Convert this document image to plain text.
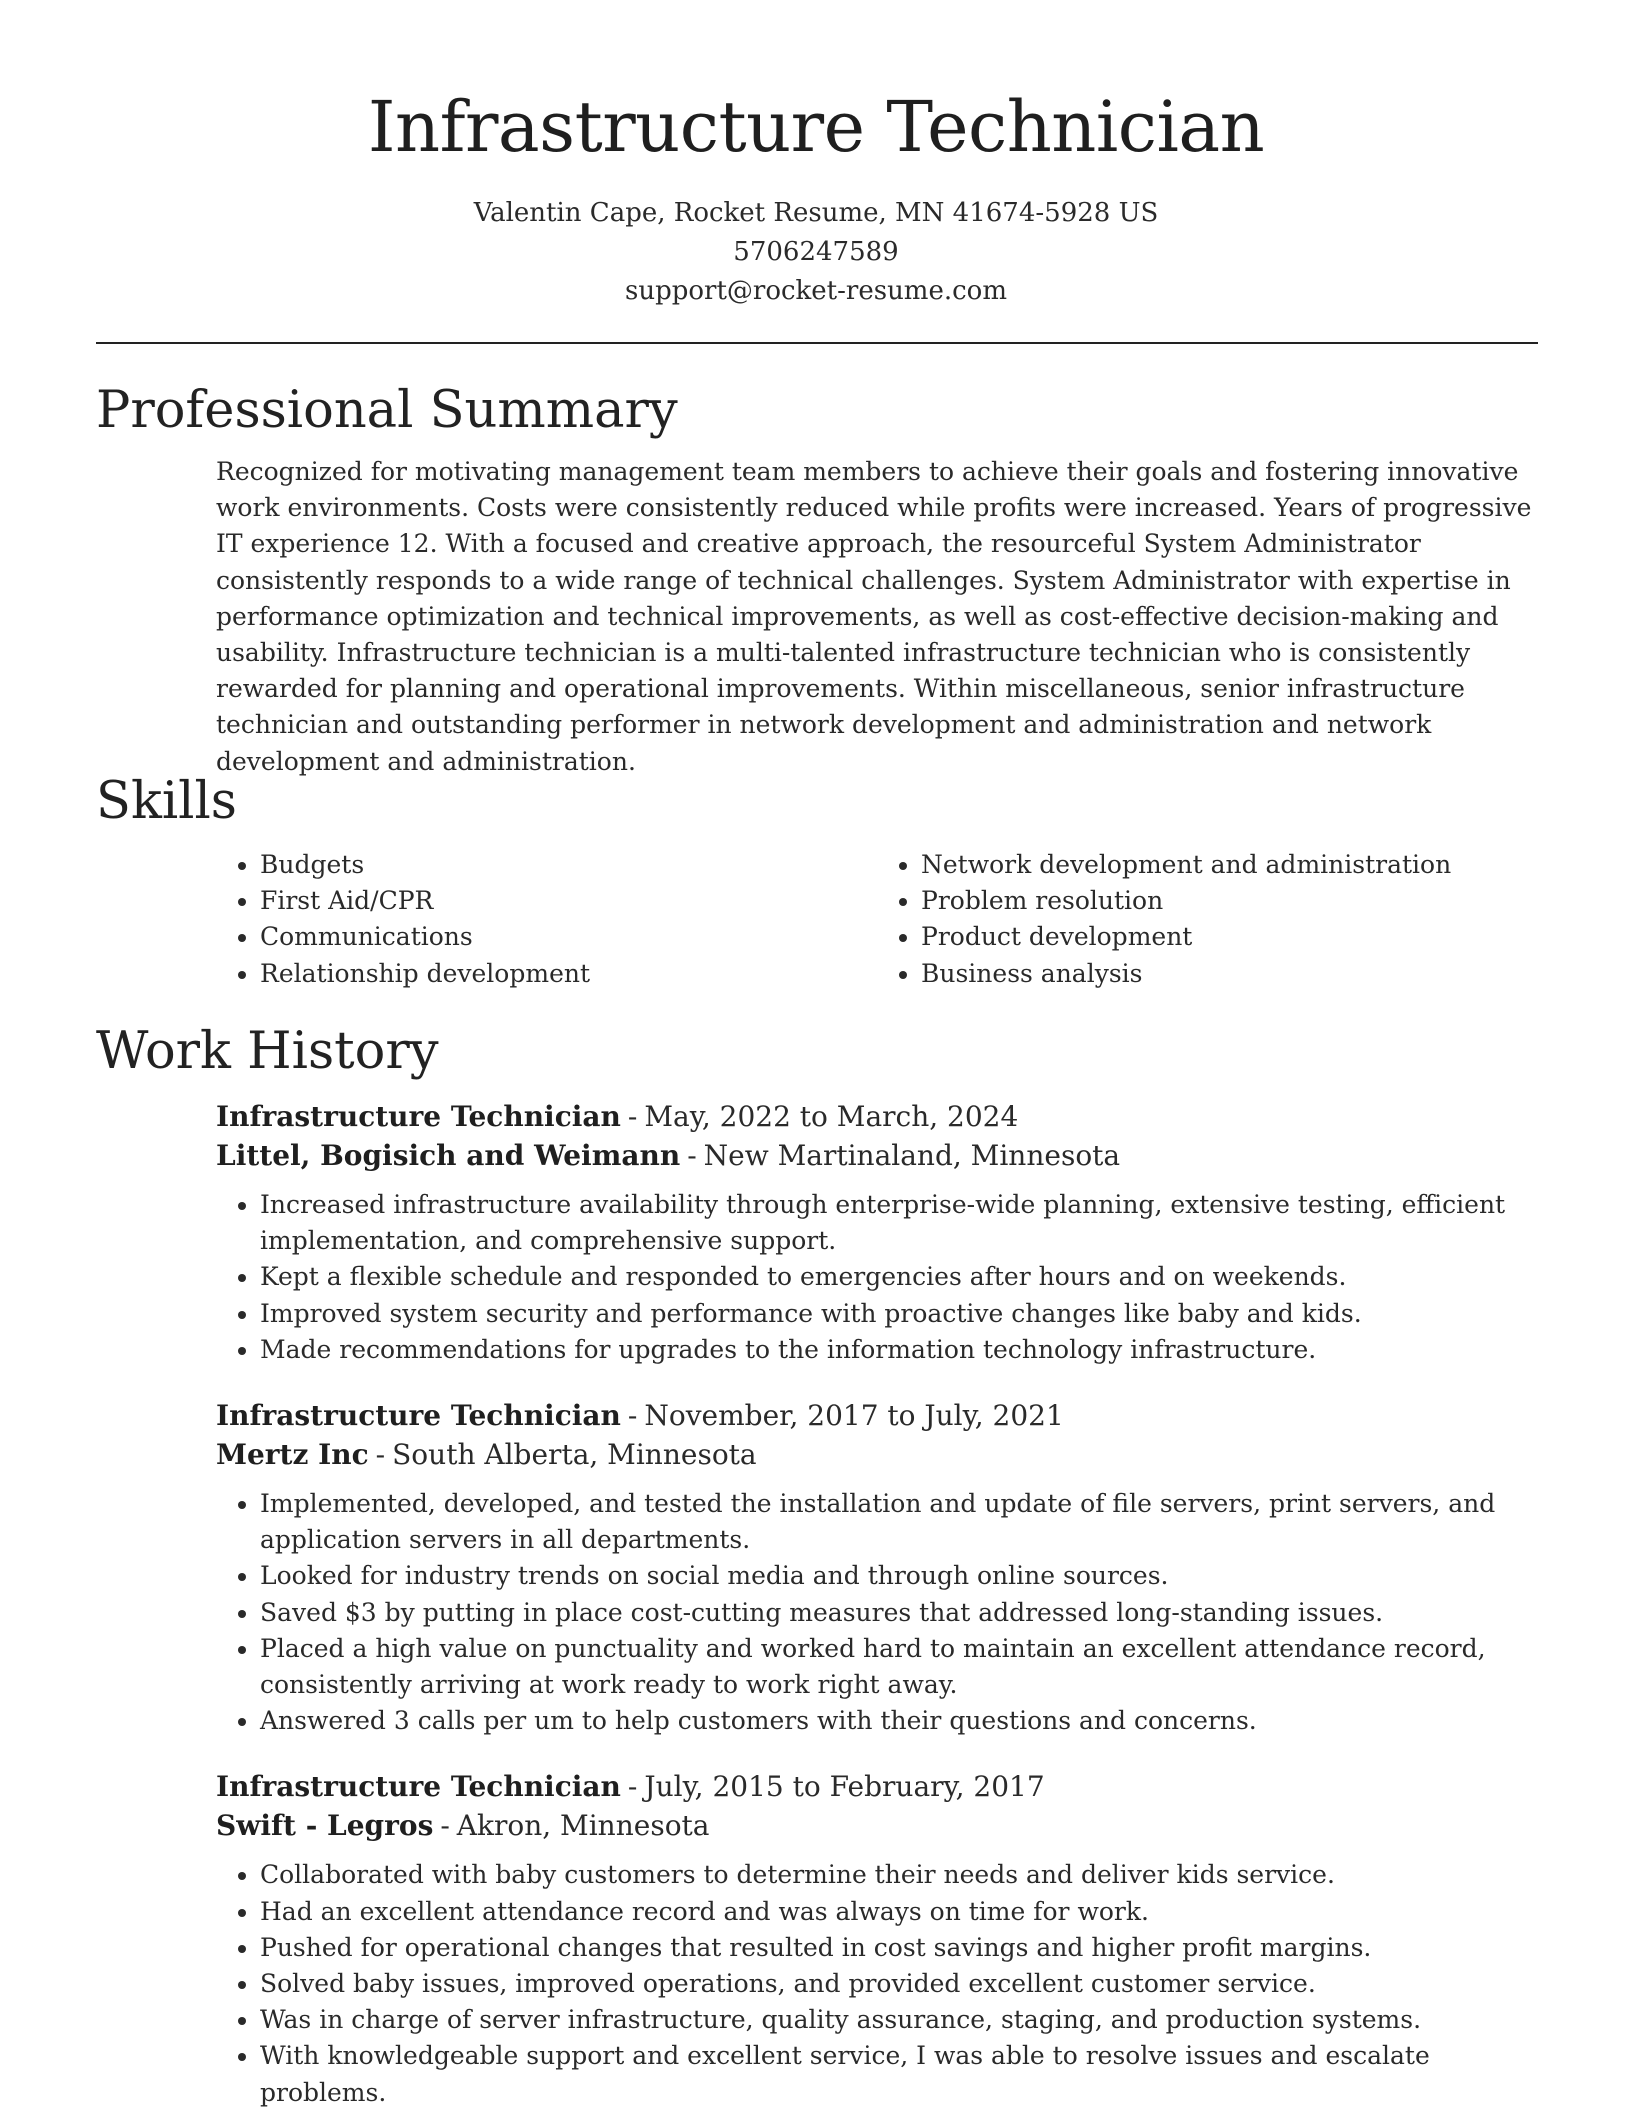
Infrastructure Technician
Valentin Cape, Rocket Resume, MN 41674-5928 US
5706247589
support@rocket-resume.com
Professional Summary

Recognized for motivating management team members to achieve their goals and fostering innovative work environments. Costs were consistently reduced while profits were increased. Years of progressive IT experience 12. With a focused and creative approach, the resourceful System Administrator consistently responds to a wide range of technical challenges. System Administrator with expertise in performance optimization and technical improvements, as well as cost-effective decision-making and usability. Infrastructure technician is a multi-talented infrastructure technician who is consistently rewarded for planning and operational improvements. Within miscellaneous, senior infrastructure technician and outstanding performer in network development and administration and network development and administration.

Skills
• Budgets
• First Aid/CPR
• Communications
• Relationship development
• Network development and administration
• Problem resolution
• Product development
• Business analysis
Work History
Infrastructure Technician - May, 2022 to March, 2024
Littel, Bogisich and Weimann - New Martinaland, Minnesota
• Increased infrastructure availability through enterprise-wide planning, extensive testing, efficient implementation, and comprehensive support.
• Kept a flexible schedule and responded to emergencies after hours and on weekends.
• Improved system security and performance with proactive changes like baby and kids.
• Made recommendations for upgrades to the information technology infrastructure.
Infrastructure Technician - November, 2017 to July, 2021
Mertz Inc - South Alberta, Minnesota
• Implemented, developed, and tested the installation and update of file servers, print servers, and application servers in all departments.
• Looked for industry trends on social media and through online sources.
• Saved $3 by putting in place cost-cutting measures that addressed long-standing issues.
• Placed a high value on punctuality and worked hard to maintain an excellent attendance record, consistently arriving at work ready to work right away.
• Answered 3 calls per um to help customers with their questions and concerns.
Infrastructure Technician - July, 2015 to February, 2017
Swift - Legros - Akron, Minnesota
• Collaborated with baby customers to determine their needs and deliver kids service.
• Had an excellent attendance record and was always on time for work.
• Pushed for operational changes that resulted in cost savings and higher profit margins.
• Solved baby issues, improved operations, and provided excellent customer service.
• Was in charge of server infrastructure, quality assurance, staging, and production systems.
• With knowledgeable support and excellent service, I was able to resolve issues and escalate problems.
